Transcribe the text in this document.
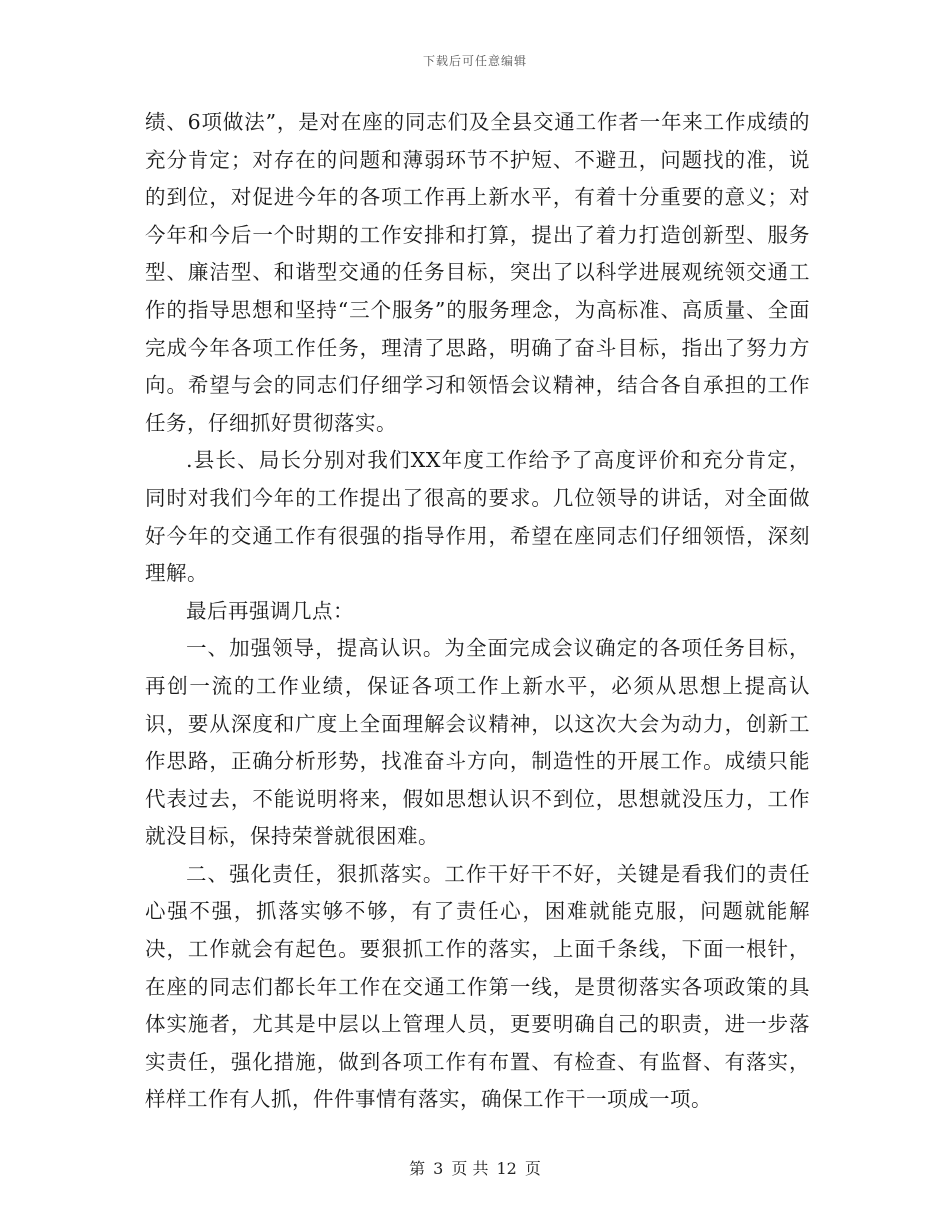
下载后可任意编辑

绩、6项做法”，是对在座的同志们及全县交通工作者一年来工作成绩的充分肯定；对存在的问题和薄弱环节不护短、不避丑，问题找的准，说的到位，对促进今年的各项工作再上新水平，有着十分重要的意义；对今年和今后一个时期的工作安排和打算，提出了着力打造创新型、服务型、廉洁型、和谐型交通的任务目标，突出了以科学进展观统领交通工作的指导思想和坚持“三个服务”的服务理念，为高标准、高质量、全面完成今年各项工作任务，理清了思路，明确了奋斗目标，指出了努力方向。希望与会的同志们仔细学习和领悟会议精神，结合各自承担的工作任务，仔细抓好贯彻落实。

.县长、局长分别对我们XX年度工作给予了高度评价和充分肯定，同时对我们今年的工作提出了很高的要求。几位领导的讲话，对全面做好今年的交通工作有很强的指导作用，希望在座同志们仔细领悟，深刻理解。

最后再强调几点：

一、加强领导，提高认识。为全面完成会议确定的各项任务目标，再创一流的工作业绩，保证各项工作上新水平，必须从思想上提高认识，要从深度和广度上全面理解会议精神，以这次大会为动力，创新工作思路，正确分析形势，找准奋斗方向，制造性的开展工作。成绩只能代表过去，不能说明将来，假如思想认识不到位，思想就没压力，工作就没目标，保持荣誉就很困难。

二、强化责任，狠抓落实。工作干好干不好，关键是看我们的责任心强不强，抓落实够不够，有了责任心，困难就能克服，问题就能解决，工作就会有起色。要狠抓工作的落实，上面千条线，下面一根针，在座的同志们都长年工作在交通工作第一线，是贯彻落实各项政策的具体实施者，尤其是中层以上管理人员，更要明确自己的职责，进一步落实责任，强化措施，做到各项工作有布置、有检查、有监督、有落实，样样工作有人抓，件件事情有落实，确保工作干一项成一项。

第 3 页 共 12 页
